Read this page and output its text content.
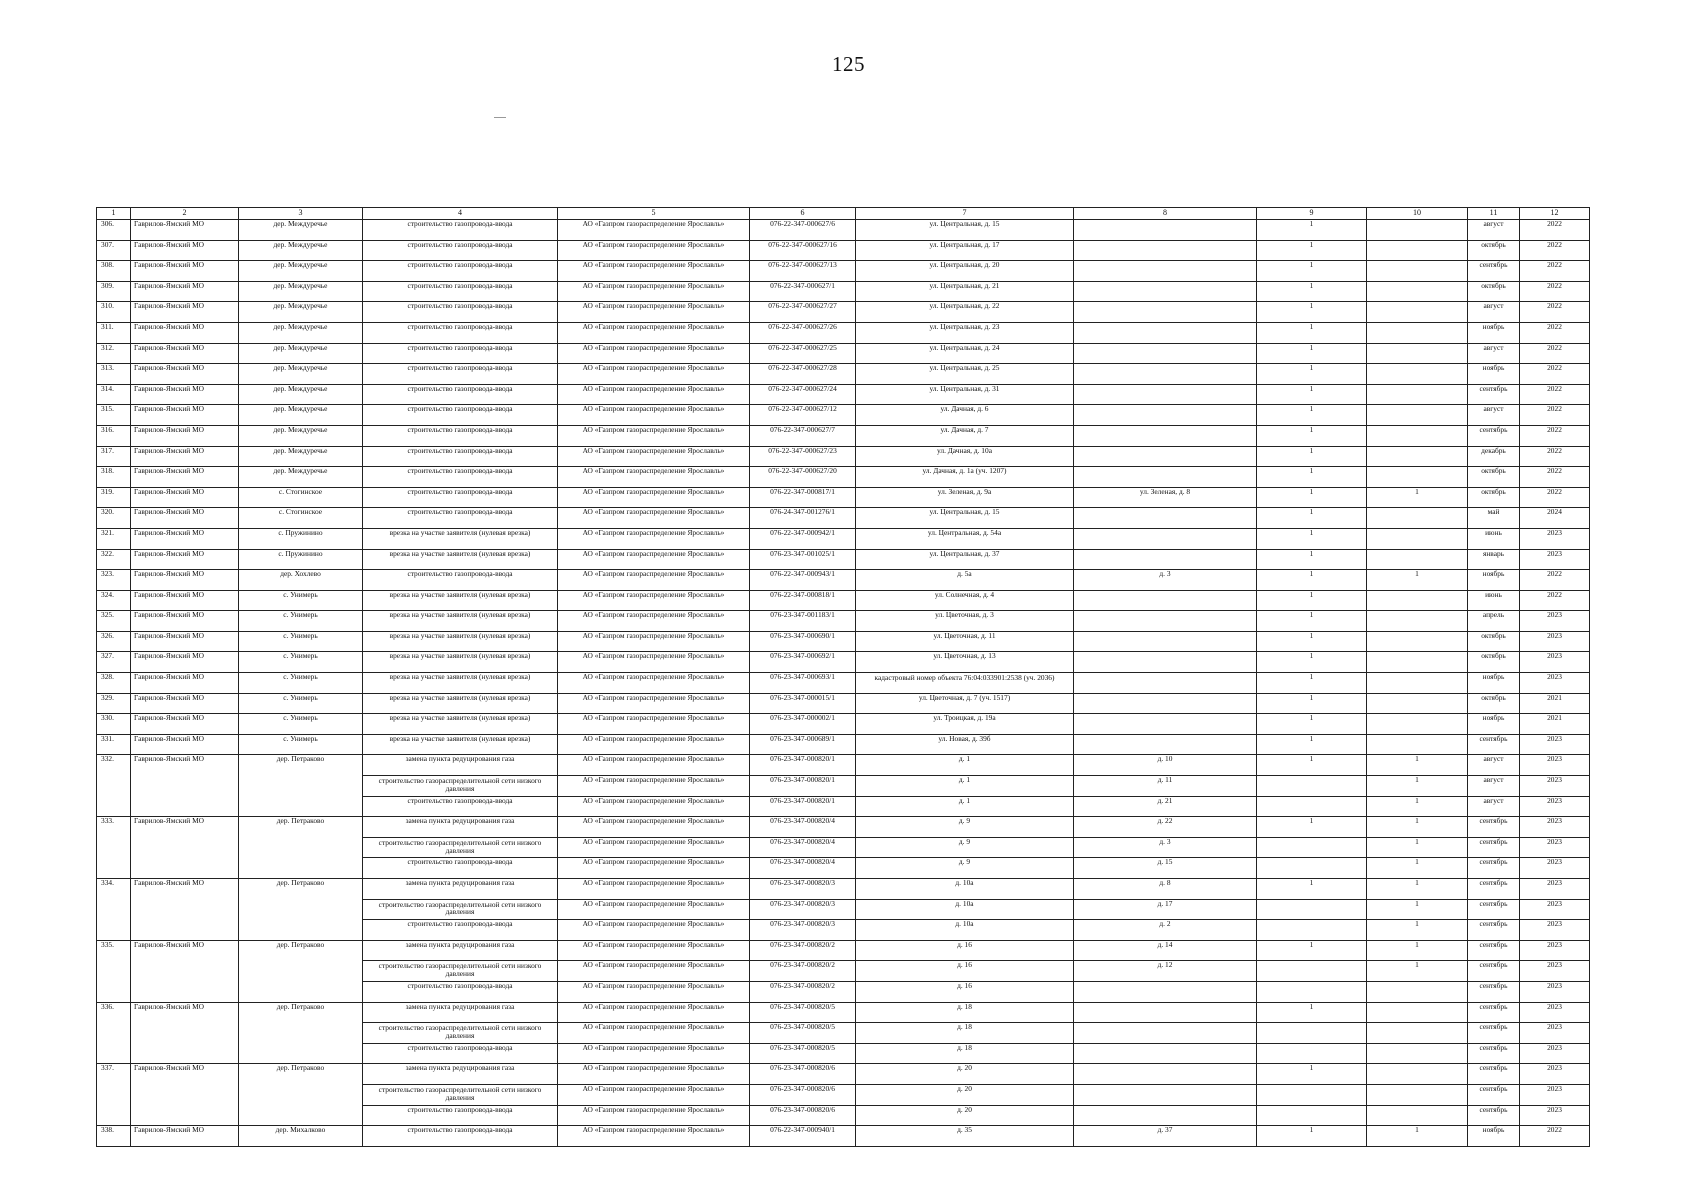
125
1	2	3	4	5	6	7	8	9	10	11	12
306.	Гаврилов-Ямский МО	дер. Междуречье	строительство газопровода-ввода	АО «Газпром газораспределение Ярославль»	076-22-347-000627/6	ул. Центральная, д. 15		1		август	2022
307.	Гаврилов-Ямский МО	дер. Междуречье	строительство газопровода-ввода	АО «Газпром газораспределение Ярославль»	076-22-347-000627/16	ул. Центральная, д. 17		1		октябрь	2022
308.	Гаврилов-Ямский МО	дер. Междуречье	строительство газопровода-ввода	АО «Газпром газораспределение Ярославль»	076-22-347-000627/13	ул. Центральная, д. 20		1		сентябрь	2022
309.	Гаврилов-Ямский МО	дер. Междуречье	строительство газопровода-ввода	АО «Газпром газораспределение Ярославль»	076-22-347-000627/1	ул. Центральная, д. 21		1		октябрь	2022
310.	Гаврилов-Ямский МО	дер. Междуречье	строительство газопровода-ввода	АО «Газпром газораспределение Ярославль»	076-22-347-000627/27	ул. Центральная, д. 22		1		август	2022
311.	Гаврилов-Ямский МО	дер. Междуречье	строительство газопровода-ввода	АО «Газпром газораспределение Ярославль»	076-22-347-000627/26	ул. Центральная, д. 23		1		ноябрь	2022
312.	Гаврилов-Ямский МО	дер. Междуречье	строительство газопровода-ввода	АО «Газпром газораспределение Ярославль»	076-22-347-000627/25	ул. Центральная, д. 24		1		август	2022
313.	Гаврилов-Ямский МО	дер. Междуречье	строительство газопровода-ввода	АО «Газпром газораспределение Ярославль»	076-22-347-000627/28	ул. Центральная, д. 25		1		ноябрь	2022
314.	Гаврилов-Ямский МО	дер. Междуречье	строительство газопровода-ввода	АО «Газпром газораспределение Ярославль»	076-22-347-000627/24	ул. Центральная, д. 31		1		сентябрь	2022
315.	Гаврилов-Ямский МО	дер. Междуречье	строительство газопровода-ввода	АО «Газпром газораспределение Ярославль»	076-22-347-000627/12	ул. Дачная, д. 6		1		август	2022
316.	Гаврилов-Ямский МО	дер. Междуречье	строительство газопровода-ввода	АО «Газпром газораспределение Ярославль»	076-22-347-000627/7	ул. Дачная, д. 7		1		сентябрь	2022
317.	Гаврилов-Ямский МО	дер. Междуречье	строительство газопровода-ввода	АО «Газпром газораспределение Ярославль»	076-22-347-000627/23	ул. Дачная, д. 10а		1		декабрь	2022
318.	Гаврилов-Ямский МО	дер. Междуречье	строительство газопровода-ввода	АО «Газпром газораспределение Ярославль»	076-22-347-000627/20	ул. Дачная, д. 1а (уч. 1207)		1		октябрь	2022
319.	Гаврилов-Ямский МО	с. Стогинское	строительство газопровода-ввода	АО «Газпром газораспределение Ярославль»	076-22-347-000817/1	ул. Зеленая, д. 9а	ул. Зеленая, д. 8	1	1	октябрь	2022
320.	Гаврилов-Ямский МО	с. Стогинское	строительство газопровода-ввода	АО «Газпром газораспределение Ярославль»	076-24-347-001276/1	ул. Центральная, д. 15		1		май	2024
321.	Гаврилов-Ямский МО	с. Пружинино	врезка на участке заявителя (нулевая врезка)	АО «Газпром газораспределение Ярославль»	076-22-347-000942/1	ул. Центральная, д. 54а		1		июнь	2023
322.	Гаврилов-Ямский МО	с. Пружинино	врезка на участке заявителя (нулевая врезка)	АО «Газпром газораспределение Ярославль»	076-23-347-001025/1	ул. Центральная, д. 37		1		январь	2023
323.	Гаврилов-Ямский МО	дер. Хохлево	строительство газопровода-ввода	АО «Газпром газораспределение Ярославль»	076-22-347-000943/1	д. 5а	д. 3	1	1	ноябрь	2022
324.	Гаврилов-Ямский МО	с. Унимерь	врезка на участке заявителя (нулевая врезка)	АО «Газпром газораспределение Ярославль»	076-22-347-000818/1	ул. Солнечная, д. 4		1		июнь	2022
325.	Гаврилов-Ямский МО	с. Унимерь	врезка на участке заявителя (нулевая врезка)	АО «Газпром газораспределение Ярославль»	076-23-347-001183/1	ул. Цветочная, д. 3		1		апрель	2023
326.	Гаврилов-Ямский МО	с. Унимерь	врезка на участке заявителя (нулевая врезка)	АО «Газпром газораспределение Ярославль»	076-23-347-000690/1	ул. Цветочная, д. 11		1		октябрь	2023
327.	Гаврилов-Ямский МО	с. Унимерь	врезка на участке заявителя (нулевая врезка)	АО «Газпром газораспределение Ярославль»	076-23-347-000692/1	ул. Цветочная, д. 13		1		октябрь	2023
328.	Гаврилов-Ямский МО	с. Унимерь	врезка на участке заявителя (нулевая врезка)	АО «Газпром газораспределение Ярославль»	076-23-347-000693/1	кадастровый номер объекта 76:04:033901:2538 (уч. 2036)		1		ноябрь	2023
329.	Гаврилов-Ямский МО	с. Унимерь	врезка на участке заявителя (нулевая врезка)	АО «Газпром газораспределение Ярославль»	076-23-347-000015/1	ул. Цветочная, д. 7 (уч. 1517)		1		октябрь	2021
330.	Гаврилов-Ямский МО	с. Унимерь	врезка на участке заявителя (нулевая врезка)	АО «Газпром газораспределение Ярославль»	076-23-347-000002/1	ул. Троицкая, д. 19а		1		ноябрь	2021
331.	Гаврилов-Ямский МО	с. Унимерь	врезка на участке заявителя (нулевая врезка)	АО «Газпром газораспределение Ярославль»	076-23-347-000689/1	ул. Новая, д. 39б		1		сентябрь	2023
332.	Гаврилов-Ямский МО	дер. Петраково	замена пункта редуцирования газа	АО «Газпром газораспределение Ярославль»	076-23-347-000820/1	д. 1	д. 10	1	1	август	2023
			строительство газораспределительной сети низкого давления	АО «Газпром газораспределение Ярославль»	076-23-347-000820/1	д. 1	д. 11		1	август	2023
			строительство газопровода-ввода	АО «Газпром газораспределение Ярославль»	076-23-347-000820/1	д. 1	д. 21		1	август	2023
333.	Гаврилов-Ямский МО	дер. Петраково	замена пункта редуцирования газа	АО «Газпром газораспределение Ярославль»	076-23-347-000820/4	д. 9	д. 22	1	1	сентябрь	2023
			строительство газораспределительной сети низкого давления	АО «Газпром газораспределение Ярославль»	076-23-347-000820/4	д. 9	д. 3		1	сентябрь	2023
			строительство газопровода-ввода	АО «Газпром газораспределение Ярославль»	076-23-347-000820/4	д. 9	д. 15		1	сентябрь	2023
334.	Гаврилов-Ямский МО	дер. Петраково	замена пункта редуцирования газа	АО «Газпром газораспределение Ярославль»	076-23-347-000820/3	д. 10а	д. 8	1	1	сентябрь	2023
			строительство газораспределительной сети низкого давления	АО «Газпром газораспределение Ярославль»	076-23-347-000820/3	д. 10а	д. 17		1	сентябрь	2023
			строительство газопровода-ввода	АО «Газпром газораспределение Ярославль»	076-23-347-000820/3	д. 10а	д. 2		1	сентябрь	2023
335.	Гаврилов-Ямский МО	дер. Петраково	замена пункта редуцирования газа	АО «Газпром газораспределение Ярославль»	076-23-347-000820/2	д. 16	д. 14	1	1	сентябрь	2023
			строительство газораспределительной сети низкого давления	АО «Газпром газораспределение Ярославль»	076-23-347-000820/2	д. 16	д. 12		1	сентябрь	2023
			строительство газопровода-ввода	АО «Газпром газораспределение Ярославль»	076-23-347-000820/2	д. 16				сентябрь	2023
336.	Гаврилов-Ямский МО	дер. Петраково	замена пункта редуцирования газа	АО «Газпром газораспределение Ярославль»	076-23-347-000820/5	д. 18		1		сентябрь	2023
			строительство газораспределительной сети низкого давления	АО «Газпром газораспределение Ярославль»	076-23-347-000820/5	д. 18				сентябрь	2023
			строительство газопровода-ввода	АО «Газпром газораспределение Ярославль»	076-23-347-000820/5	д. 18				сентябрь	2023
337.	Гаврилов-Ямский МО	дер. Петраково	замена пункта редуцирования газа	АО «Газпром газораспределение Ярославль»	076-23-347-000820/6	д. 20		1		сентябрь	2023
			строительство газораспределительной сети низкого давления	АО «Газпром газораспределение Ярославль»	076-23-347-000820/6	д. 20				сентябрь	2023
			строительство газопровода-ввода	АО «Газпром газораспределение Ярославль»	076-23-347-000820/6	д. 20				сентябрь	2023
338.	Гаврилов-Ямский МО	дер. Михалково	строительство газопровода-ввода	АО «Газпром газораспределение Ярославль»	076-22-347-000940/1	д. 35	д. 37	1	1	ноябрь	2022
